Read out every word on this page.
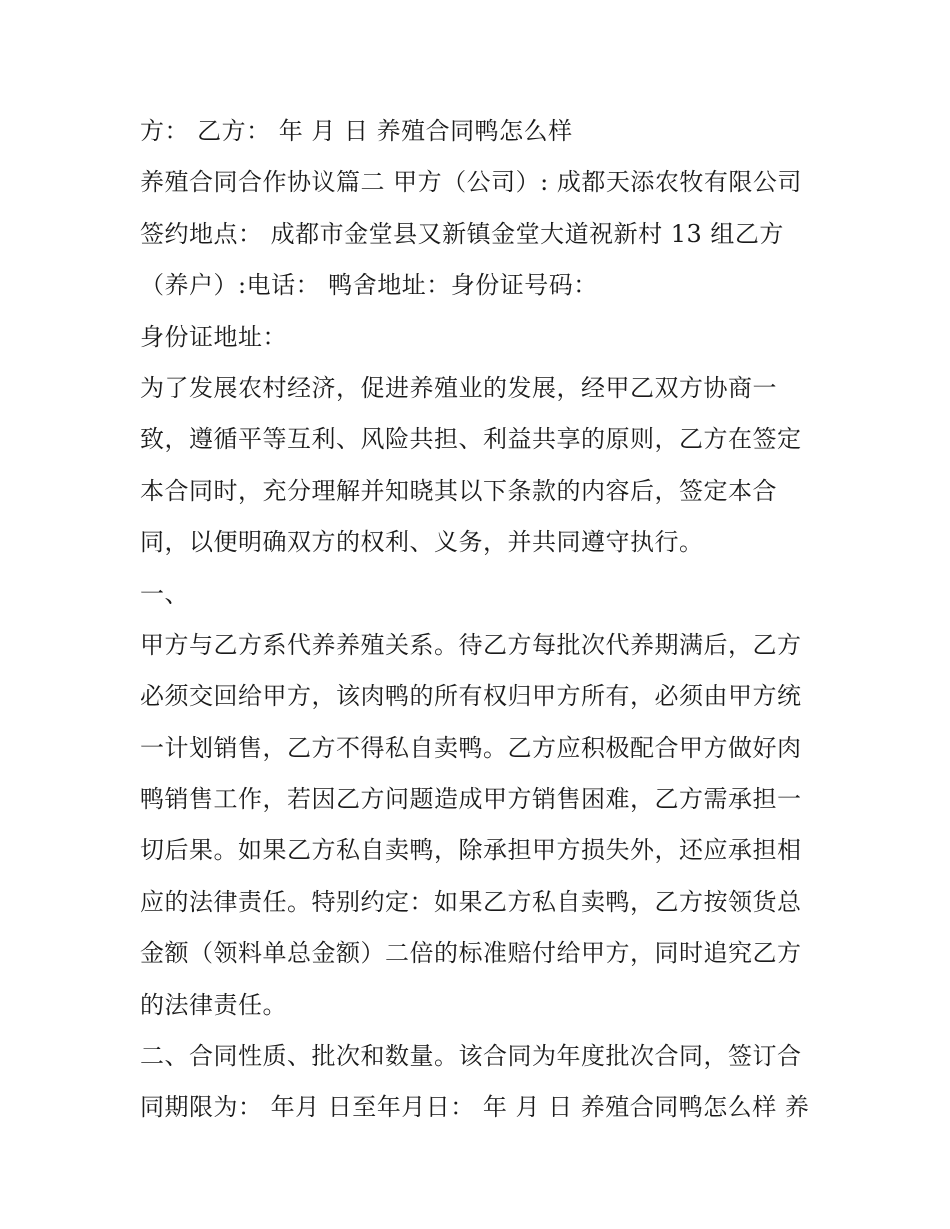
方： 乙方： 年 月 日 养殖合同鸭怎么样
养殖合同合作协议篇二 甲方（公司）: 成都天添农牧有限公司
签约地点： 成都市金堂县又新镇金堂大道祝新村 13 组乙方
（养户）:电话： 鸭舍地址：身份证号码：
身份证地址：
为了发展农村经济，促进养殖业的发展，经甲乙双方协商一
致，遵循平等互利、风险共担、利益共享的原则，乙方在签定
本合同时，充分理解并知晓其以下条款的内容后，签定本合
同，以便明确双方的权利、义务，并共同遵守执行。
一、
甲方与乙方系代养养殖关系。待乙方每批次代养期满后，乙方
必须交回给甲方，该肉鸭的所有权归甲方所有，必须由甲方统
一计划销售，乙方不得私自卖鸭。乙方应积极配合甲方做好肉
鸭销售工作，若因乙方问题造成甲方销售困难，乙方需承担一
切后果。如果乙方私自卖鸭，除承担甲方损失外，还应承担相
应的法律责任。特别约定：如果乙方私自卖鸭，乙方按领货总
金额（领料单总金额）二倍的标准赔付给甲方，同时追究乙方
的法律责任。
二、合同性质、批次和数量。该合同为年度批次合同，签订合
同期限为： 年月 日至年月日： 年 月 日 养殖合同鸭怎么样 养
